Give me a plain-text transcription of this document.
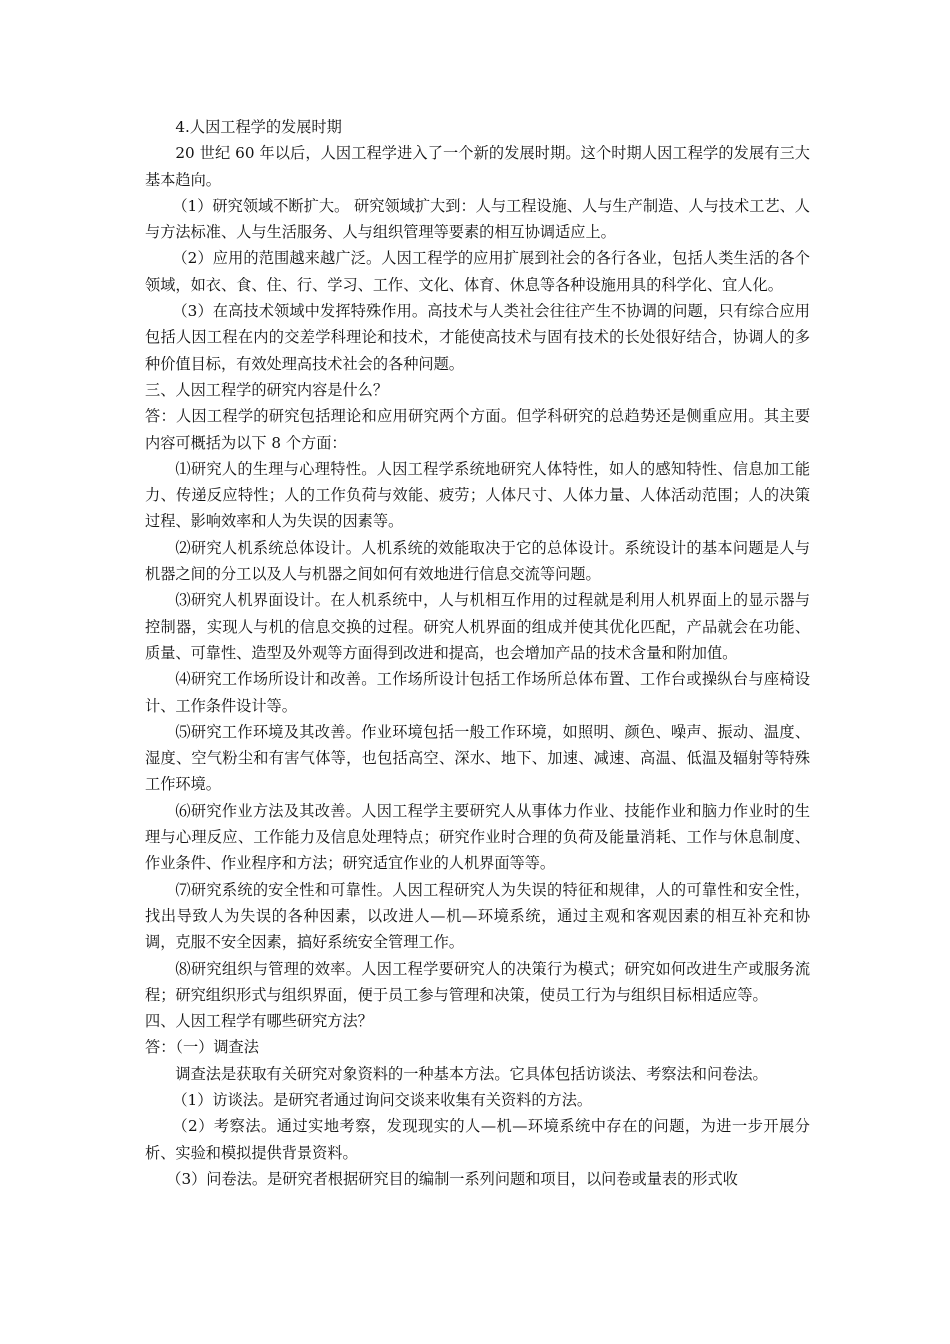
4.人因工程学的发展时期

20 世纪 60 年以后，人因工程学进入了一个新的发展时期。这个时期人因工程学的发展有三大基本趋向。

（1）研究领域不断扩大。 研究领域扩大到：人与工程设施、人与生产制造、人与技术工艺、人与方法标准、人与生活服务、人与组织管理等要素的相互协调适应上。

（2）应用的范围越来越广泛。人因工程学的应用扩展到社会的各行各业，包括人类生活的各个领域，如衣、食、住、行、学习、工作、文化、体育、休息等各种设施用具的科学化、宜人化。

（3）在高技术领域中发挥特殊作用。高技术与人类社会往往产生不协调的问题，只有综合应用包括人因工程在内的交差学科理论和技术，才能使高技术与固有技术的长处很好结合，协调人的多种价值目标，有效处理高技术社会的各种问题。

三、人因工程学的研究内容是什么？

答：人因工程学的研究包括理论和应用研究两个方面。但学科研究的总趋势还是侧重应用。其主要内容可概括为以下 8 个方面：

⑴研究人的生理与心理特性。人因工程学系统地研究人体特性，如人的感知特性、信息加工能力、传递反应特性；人的工作负荷与效能、疲劳；人体尺寸、人体力量、人体活动范围；人的决策过程、影响效率和人为失误的因素等。

⑵研究人机系统总体设计。人机系统的效能取决于它的总体设计。系统设计的基本问题是人与机器之间的分工以及人与机器之间如何有效地进行信息交流等问题。

⑶研究人机界面设计。在人机系统中，人与机相互作用的过程就是利用人机界面上的显示器与控制器，实现人与机的信息交换的过程。研究人机界面的组成并使其优化匹配，产品就会在功能、质量、可靠性、造型及外观等方面得到改进和提高，也会增加产品的技术含量和附加值。

⑷研究工作场所设计和改善。工作场所设计包括工作场所总体布置、工作台或操纵台与座椅设计、工作条件设计等。

⑸研究工作环境及其改善。作业环境包括一般工作环境，如照明、颜色、噪声、振动、温度、湿度、空气粉尘和有害气体等，也包括高空、深水、地下、加速、减速、高温、低温及辐射等特殊工作环境。

⑹研究作业方法及其改善。人因工程学主要研究人从事体力作业、技能作业和脑力作业时的生理与心理反应、工作能力及信息处理特点；研究作业时合理的负荷及能量消耗、工作与休息制度、作业条件、作业程序和方法；研究适宜作业的人机界面等等。

⑺研究系统的安全性和可靠性。人因工程研究人为失误的特征和规律，人的可靠性和安全性，找出导致人为失误的各种因素，以改进人—机—环境系统，通过主观和客观因素的相互补充和协调，克服不安全因素，搞好系统安全管理工作。

⑻研究组织与管理的效率。人因工程学要研究人的决策行为模式；研究如何改进生产或服务流程；研究组织形式与组织界面，便于员工参与管理和决策，使员工行为与组织目标相适应等。

四、人因工程学有哪些研究方法？

答：（一）调查法

调查法是获取有关研究对象资料的一种基本方法。它具体包括访谈法、考察法和问卷法。

（1）访谈法。是研究者通过询问交谈来收集有关资料的方法。

（2）考察法。通过实地考察，发现现实的人—机—环境系统中存在的问题，为进一步开展分析、实验和模拟提供背景资料。

（3）问卷法。是研究者根据研究目的编制一系列问题和项目，以问卷或量表的形式收
